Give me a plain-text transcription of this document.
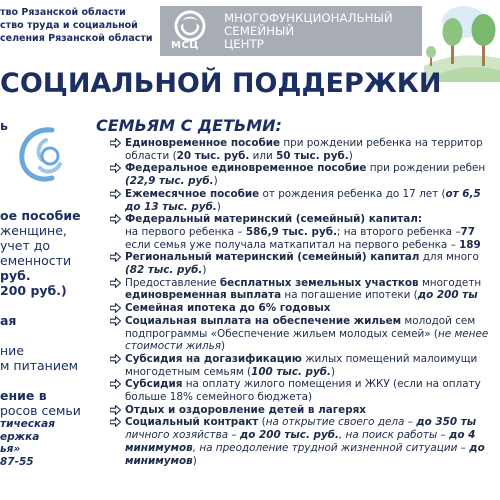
тво Рязанской области
ство труда и социальной
селения Рязанской области
МСЦ
МНОГОФУНКЦИОНАЛЬНЫЙ
СЕМЕЙНЫЙ
ЦЕНТР
СОЦИАЛЬНОЙ ПОДДЕРЖКИ
ь

ое пособие
женщине,
учет до
еменности
руб.
200 руб.)

ая

ние
м питанием

ение в
росов семьи
тическая
ержка
ья»
87-55
СЕМЬЯМ С ДЕТЬМИ:
Единовременное пособие при рождении ребенка на территор
области (20 тыс. руб. или 50 тыс. руб.)
Федеральное единовременное пособие при рождении ребен
(22,9 тыс. руб.)
Ежемесячное пособие от рождения ребенка до 17 лет (от 6,5
до 13 тыс. руб.)
Федеральный материнский (семейный) капитал:
на первого ребенка – 586,9 тыс. руб.; на второго ребенка –77
если семья уже получала маткапитал на первого ребенка – 189
Региональный материнский (семейный) капитал для много
(82 тыс. руб.)
Предоставление бесплатных земельных участков многодетн
единовременная выплата на погашение ипотеки (до 200 ты
Семейная ипотека до 6% годовых
Социальная выплата на обеспечение жильем молодой сем
подпрограммы «Обеспечение жильем молодых семей» (не менее
стоимости жилья)
Субсидия на догазификацию жилых помещений малоимущи
многодетным семьям (100 тыс. руб.)
Субсидия на оплату жилого помещения и ЖКУ (если на оплату
больше 18% семейного бюджета)
Отдых и оздоровление детей в лагерях
Социальный контракт (на открытие своего дела – до 350 ты
личного хозяйства – до 200 тыс. руб., на поиск работы – до 4
минимумов, на преодоление трудной жизненной ситуации – до
минимумов)
